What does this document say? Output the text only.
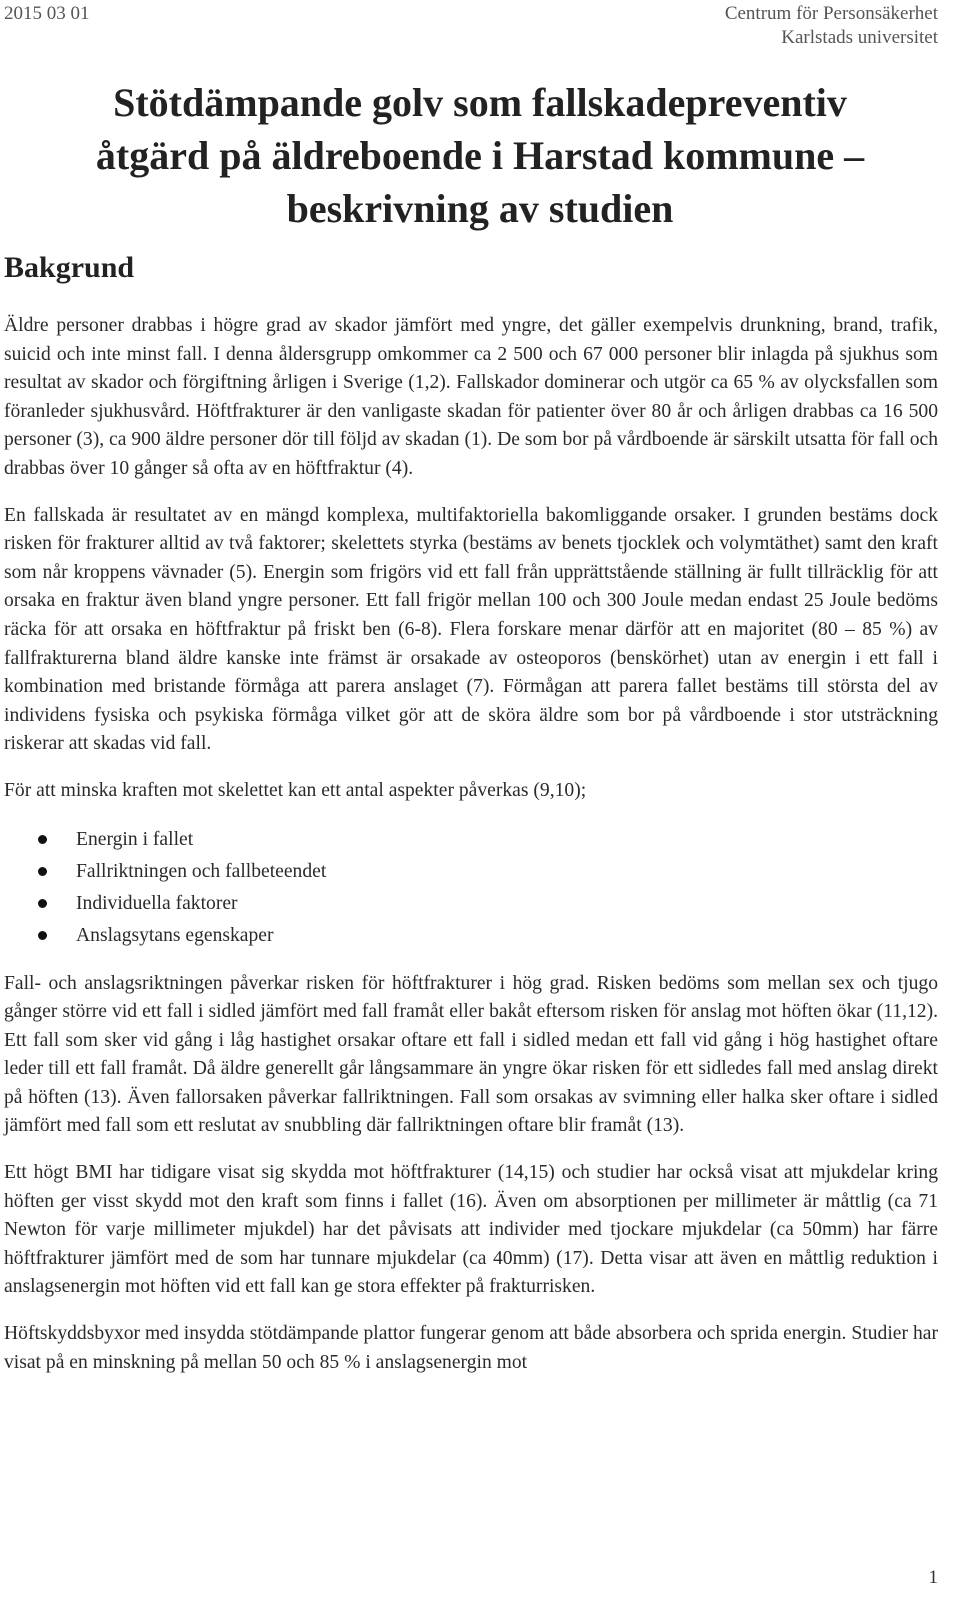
2015 03 01	Centrum för Personsäkerhet
Karlstads universitet
Stötdämpande golv som fallskadepreventiv
åtgärd på äldreboende i Harstad kommune –
beskrivning av studien
Bakgrund

Äldre personer drabbas i högre grad av skador jämfört med yngre, det gäller exempelvis drunkning, brand, trafik, suicid och inte minst fall. I denna åldersgrupp omkommer ca 2 500 och 67 000 personer blir inlagda på sjukhus som resultat av skador och förgiftning årligen i Sverige (1,2). Fallskador dominerar och utgör ca 65 % av olycksfallen som föranleder sjukhusvård. Höftfrakturer är den vanligaste skadan för patienter över 80 år och årligen drabbas ca 16 500 personer (3), ca 900 äldre personer dör till följd av skadan (1). De som bor på vårdboende är särskilt utsatta för fall och drabbas över 10 gånger så ofta av en höftfraktur (4).

En fallskada är resultatet av en mängd komplexa, multifaktoriella bakomliggande orsaker. I grunden bestäms dock risken för frakturer alltid av två faktorer; skelettets styrka (bestäms av benets tjocklek och volymtäthet) samt den kraft som når kroppens vävnader (5). Energin som frigörs vid ett fall från upprättstående ställning är fullt tillräcklig för att orsaka en fraktur även bland yngre personer. Ett fall frigör mellan 100 och 300 Joule medan endast 25 Joule bedöms räcka för att orsaka en höftfraktur på friskt ben (6-8). Flera forskare menar därför att en majoritet (80 – 85 %) av fallfrakturerna bland äldre kanske inte främst är orsakade av osteoporos (benskörhet) utan av energin i ett fall i kombination med bristande förmåga att parera anslaget (7). Förmågan att parera fallet bestäms till största del av individens fysiska och psykiska förmåga vilket gör att de sköra äldre som bor på vårdboende i stor utsträckning riskerar att skadas vid fall.

För att minska kraften mot skelettet kan ett antal aspekter påverkas (9,10);

Energin i fallet
Fallriktningen och fallbeteendet
Individuella faktorer
Anslagsytans egenskaper

Fall- och anslagsriktningen påverkar risken för höftfrakturer i hög grad. Risken bedöms som mellan sex och tjugo gånger större vid ett fall i sidled jämfört med fall framåt eller bakåt eftersom risken för anslag mot höften ökar (11,12). Ett fall som sker vid gång i låg hastighet orsakar oftare ett fall i sidled medan ett fall vid gång i hög hastighet oftare leder till ett fall framåt. Då äldre generellt går långsammare än yngre ökar risken för ett sidledes fall med anslag direkt på höften (13). Även fallorsaken påverkar fallriktningen. Fall som orsakas av svimning eller halka sker oftare i sidled jämfört med fall som ett reslutat av snubbling där fallriktningen oftare blir framåt (13).

Ett högt BMI har tidigare visat sig skydda mot höftfrakturer (14,15) och studier har också visat att mjukdelar kring höften ger visst skydd mot den kraft som finns i fallet (16). Även om absorptionen per millimeter är måttlig (ca 71 Newton för varje millimeter mjukdel) har det påvisats att individer med tjockare mjukdelar (ca 50mm) har färre höftfrakturer jämfört med de som har tunnare mjukdelar (ca 40mm) (17). Detta visar att även en måttlig reduktion i anslagsenergin mot höften vid ett fall kan ge stora effekter på frakturrisken.

Höftskyddsbyxor med insydda stötdämpande plattor fungerar genom att både absorbera och sprida energin. Studier har visat på en minskning på mellan 50 och 85 % i anslagsenergin mot

1
